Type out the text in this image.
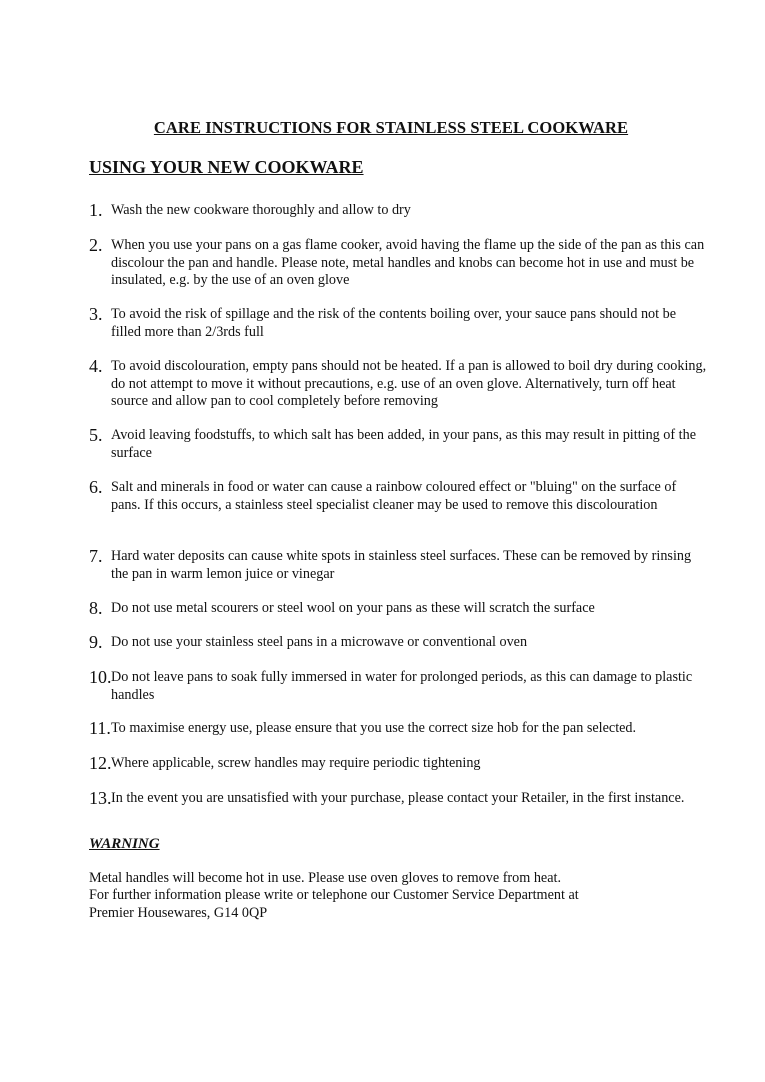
CARE INSTRUCTIONS FOR STAINLESS STEEL COOKWARE
USING YOUR NEW COOKWARE
1. Wash the new cookware thoroughly and allow to dry
2. When you use your pans on a gas flame cooker, avoid having the flame up the side of the pan as this can discolour the pan and handle. Please note, metal handles and knobs can become hot in use and must be insulated, e.g. by the use of an oven glove
3. To avoid the risk of spillage and the risk of the contents boiling over, your sauce pans should not be filled more than 2/3rds full
4. To avoid discolouration, empty pans should not be heated. If a pan is allowed to boil dry during cooking, do not attempt to move it without precautions, e.g. use of an oven glove. Alternatively, turn off heat source and allow pan to cool completely before removing
5. Avoid leaving foodstuffs, to which salt has been added, in your pans, as this may result in pitting of the surface
6. Salt and minerals in food or water can cause a rainbow coloured effect or "bluing" on the surface of pans. If this occurs, a stainless steel specialist cleaner may be used to remove this discolouration
7. Hard water deposits can cause white spots in stainless steel surfaces. These can be removed by rinsing the pan in warm lemon juice or vinegar
8. Do not use metal scourers or steel wool on your pans as these will scratch the surface
9. Do not use your stainless steel pans in a microwave or conventional oven
10. Do not leave pans to soak fully immersed in water for prolonged periods, as this can damage to plastic handles
11. To maximise energy use, please ensure that you use the correct size hob for the pan selected.
12. Where applicable, screw handles may require periodic tightening
13. In the event you are unsatisfied with your purchase, please contact your Retailer, in the first instance.
WARNING
Metal handles will become hot in use. Please use oven gloves to remove from heat.
For further information please write or telephone our Customer Service Department at
Premier Housewares, G14 0QP
